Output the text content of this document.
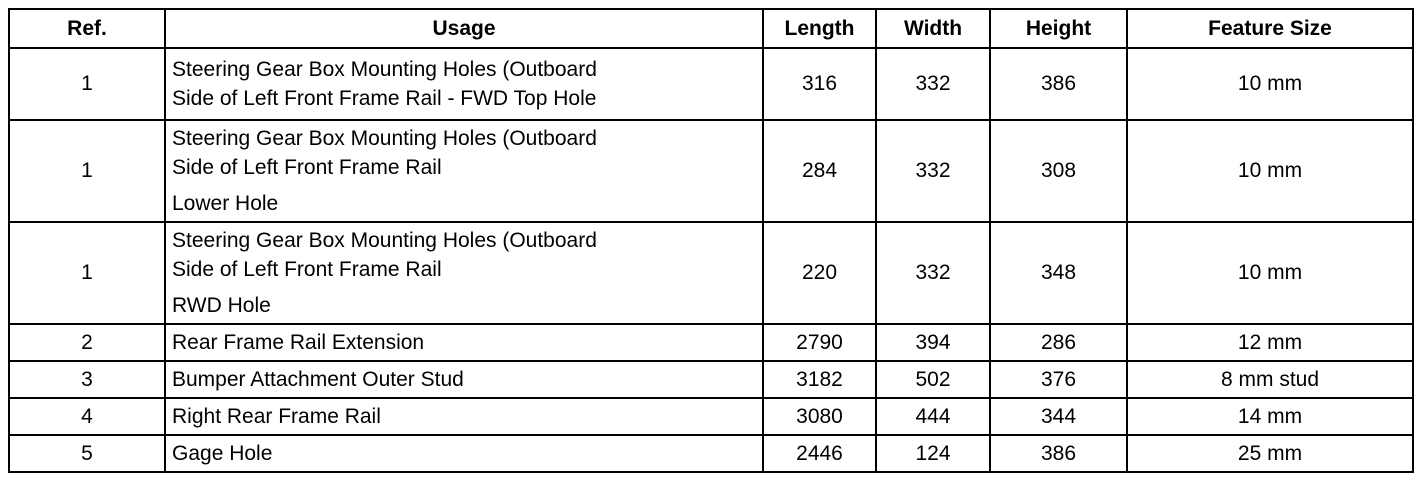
Ref.	Usage	Length	Width	Height	Feature Size
1	Steering Gear Box Mounting Holes (Outboard
Side of Left Front Frame Rail - FWD Top Hole	316	332	386	10 mm
1	Steering Gear Box Mounting Holes (Outboard
Side of Left Front Frame Rail
Lower Hole	284	332	308	10 mm
1	Steering Gear Box Mounting Holes (Outboard
Side of Left Front Frame Rail
RWD Hole	220	332	348	10 mm
2	Rear Frame Rail Extension	2790	394	286	12 mm
3	Bumper Attachment Outer Stud	3182	502	376	8 mm stud
4	Right Rear Frame Rail	3080	444	344	14 mm
5	Gage Hole	2446	124	386	25 mm
